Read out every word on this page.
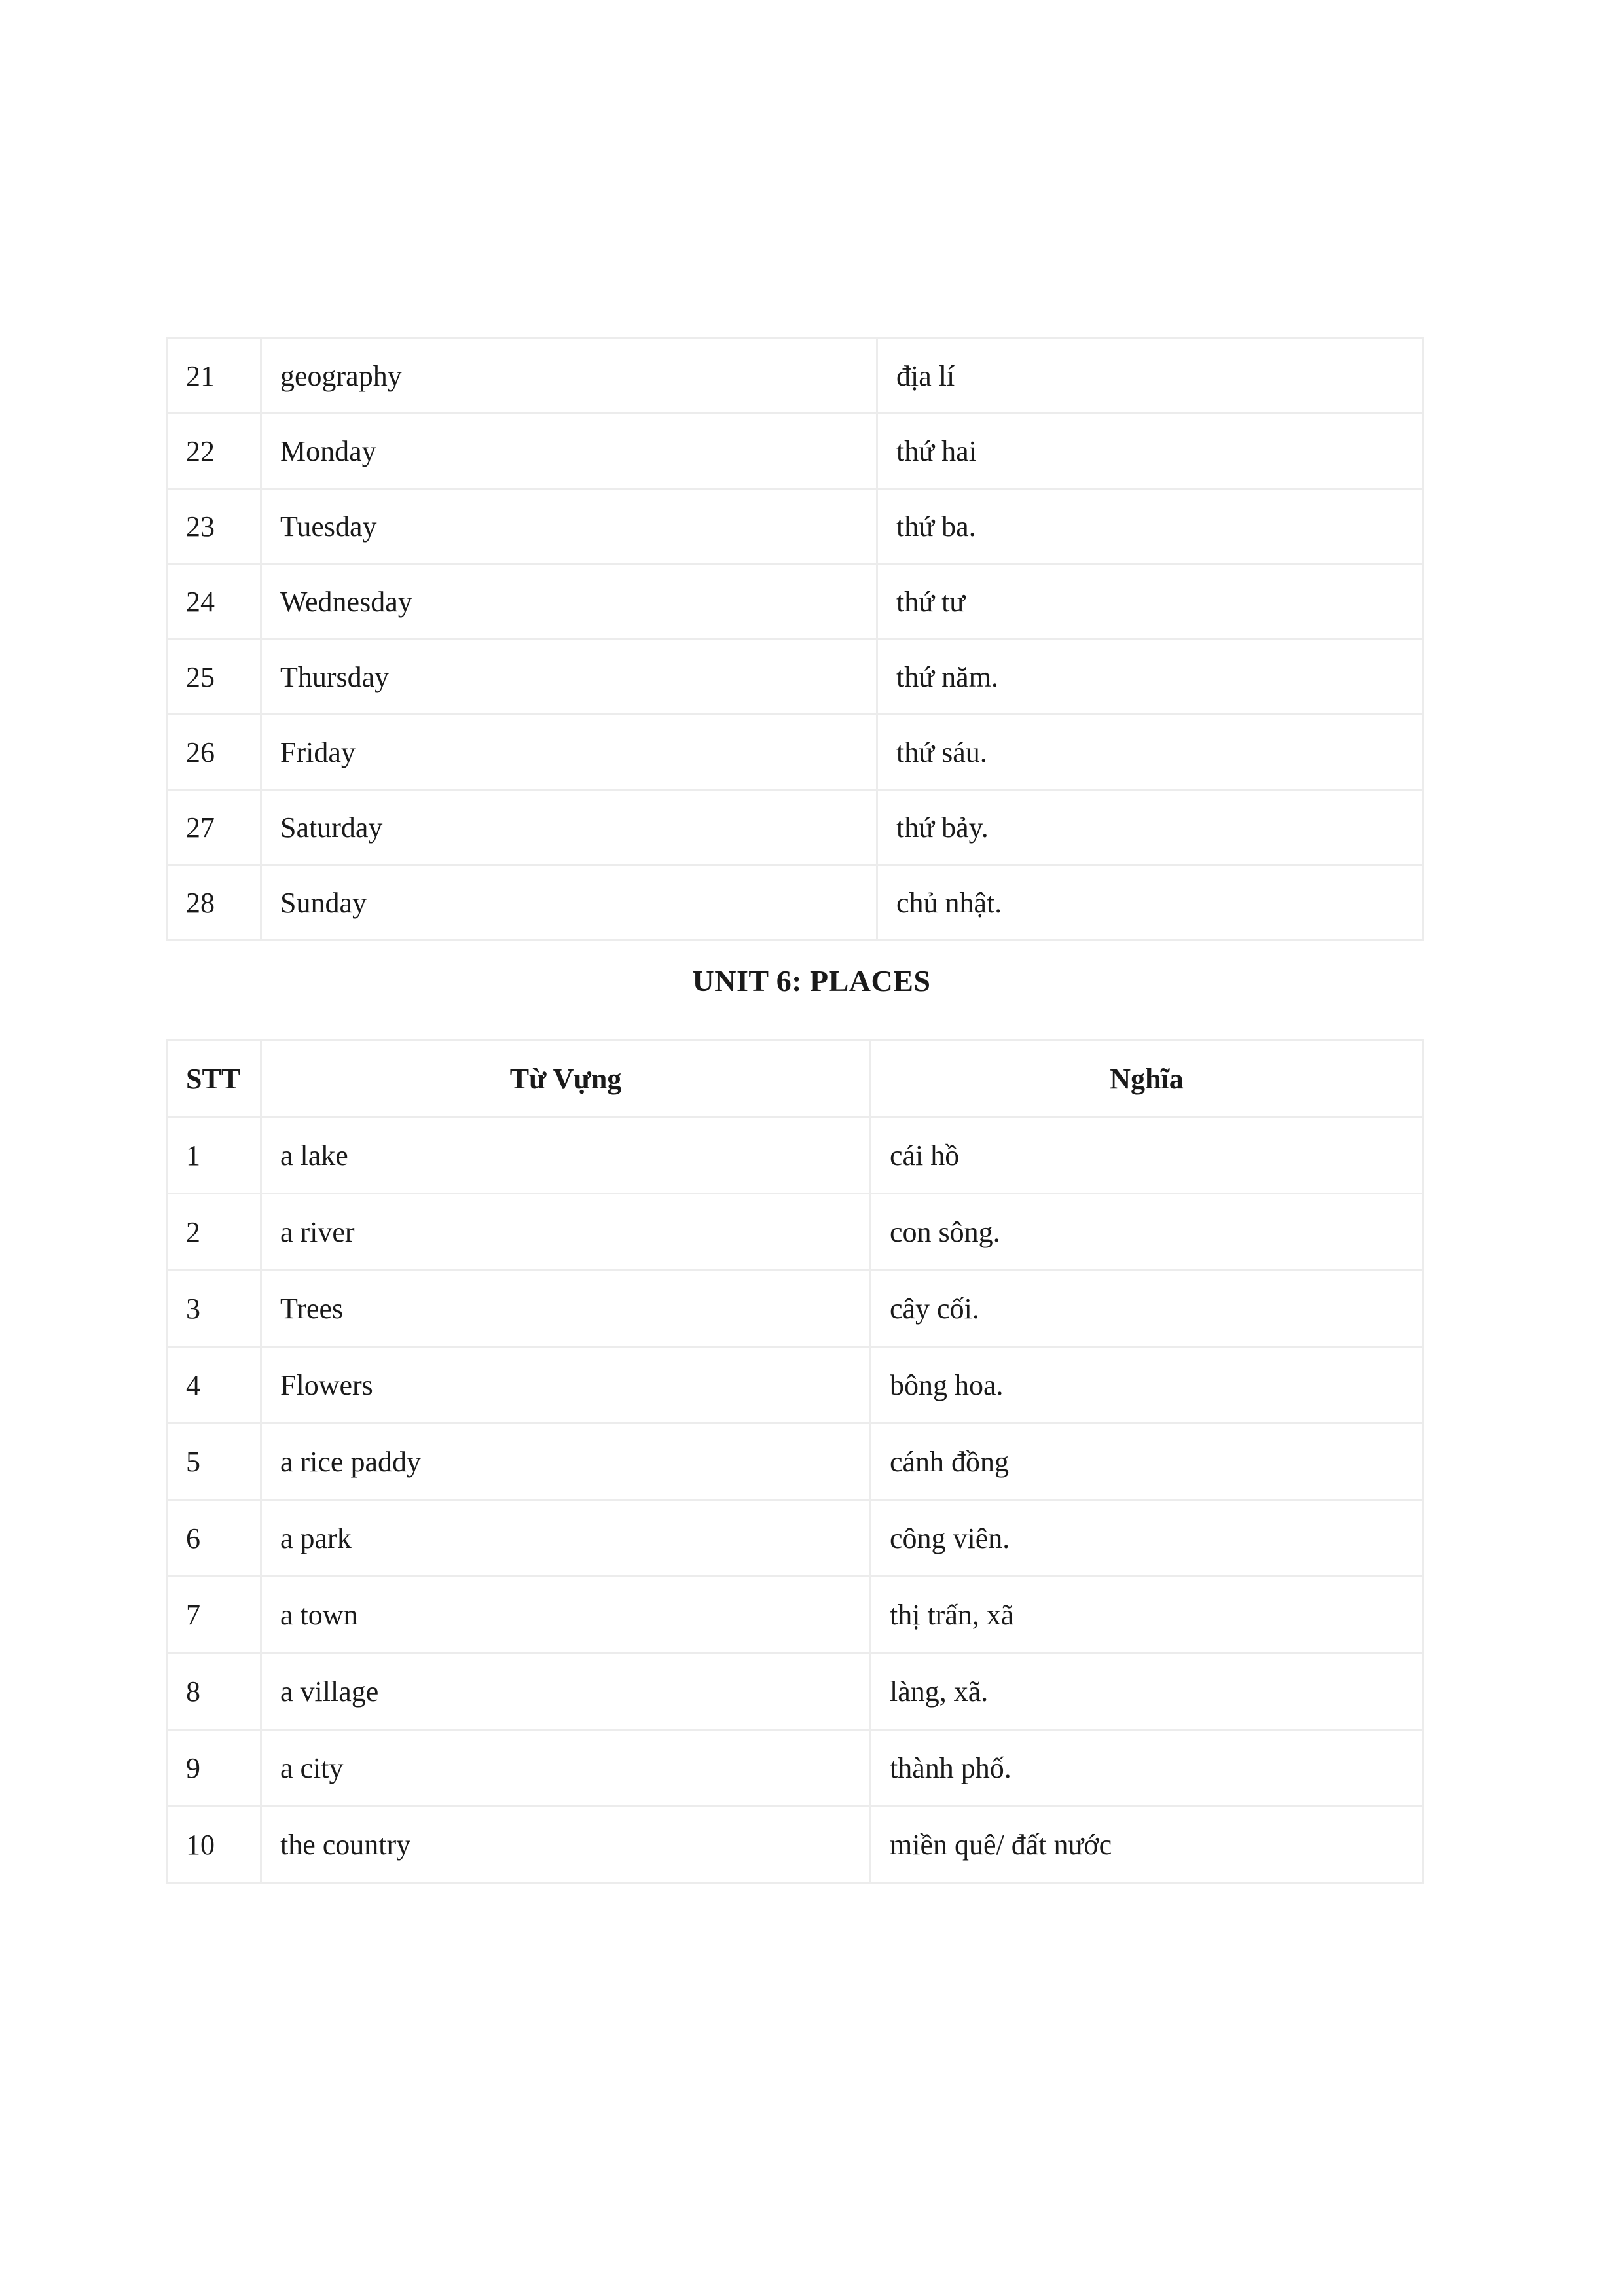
21	geography	địa lí
22	Monday	thứ hai
23	Tuesday	thứ ba.
24	Wednesday	thứ tư
25	Thursday	thứ năm.
26	Friday	thứ sáu.
27	Saturday	thứ bảy.
28	Sunday	chủ nhật.
UNIT 6: PLACES
STT	Từ Vựng	Nghĩa
1	a lake	cái hồ
2	a river	con sông.
3	Trees	cây cối.
4	Flowers	bông hoa.
5	a rice paddy	cánh đồng
6	a park	công viên.
7	a town	thị trấn, xã
8	a village	làng, xã.
9	a city	thành phố.
10	the country	miền quê/ đất nước
